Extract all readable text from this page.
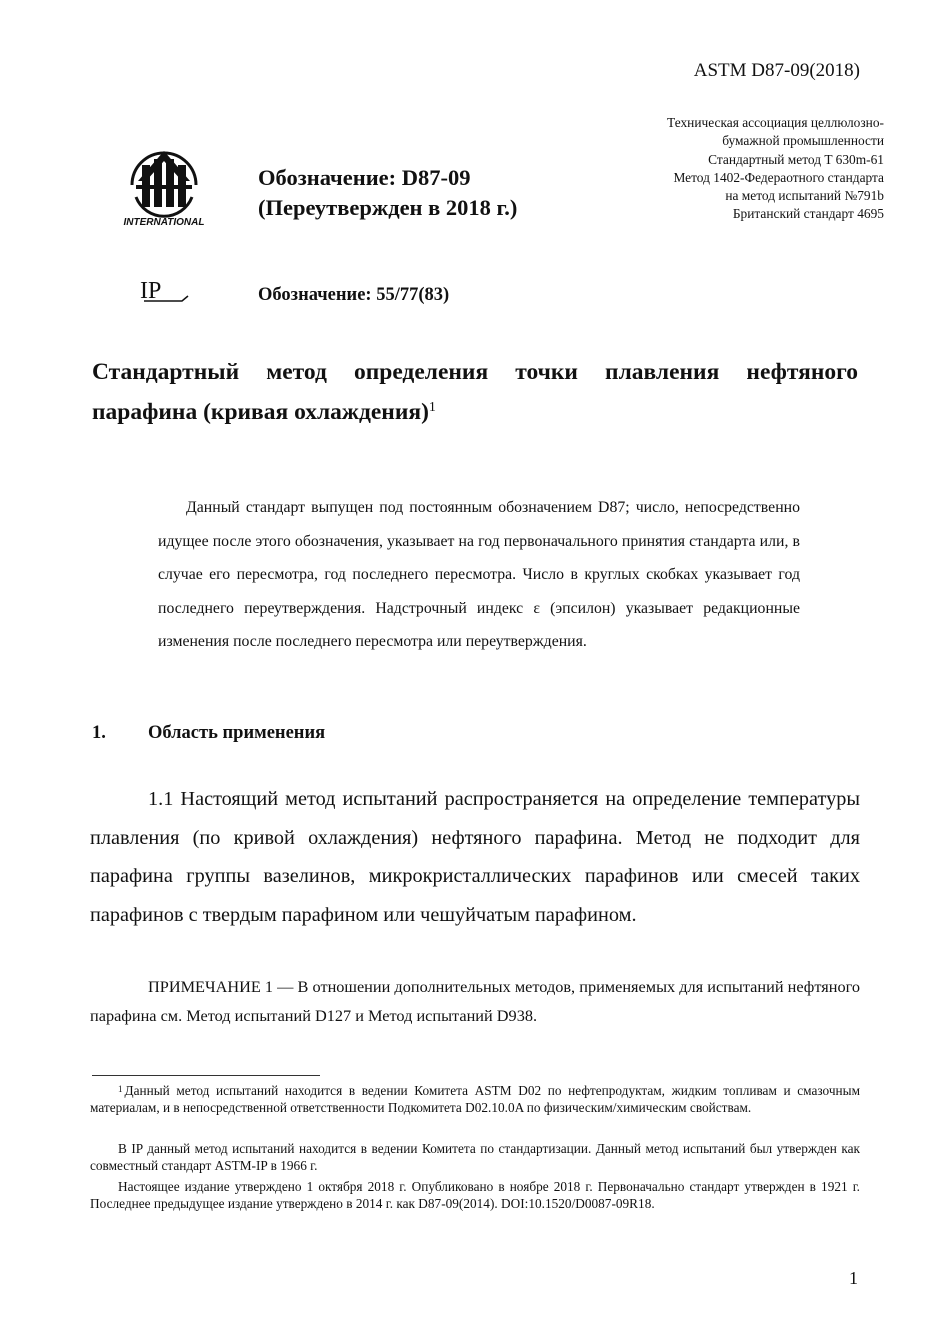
ASTM D87-09(2018)
Техническая ассоциация целлюлозно-
бумажной промышленности
Стандартный метод T 630m-61
Метод 1402-Федераотного стандарта
на метод испытаний №791b
Британский стандарт 4695
INTERNATIONAL
Обозначение: D87-09
(Переутвержден в 2018 г.)
IP	Обозначение: 55/77(83)
Стандартный метод определения точки плавления нефтяного парафина (кривая охлаждения)$^1$
Данный стандарт выпущен под постоянным обозначением D87; число, непосредственно идущее после этого обозначения, указывает на год первоначального принятия стандарта или, в случае его пересмотра, год последнего пересмотра. Число в круглых скобках указывает год последнего переутверждения. Надстрочный индекс ε (эпсилон) указывает редакционные изменения после последнего пересмотра или переутверждения.
1. Область применения
1.1 Настоящий метод испытаний распространяется на определение температуры плавления (по кривой охлаждения) нефтяного парафина. Метод не подходит для парафина группы вазелинов, микрокристаллических парафинов или смесей таких парафинов с твердым парафином или чешуйчатым парафином.
ПРИМЕЧАНИЕ 1 — В отношении дополнительных методов, применяемых для испытаний нефтяного парафина см. Метод испытаний D127 и Метод испытаний D938.
$^1$ Данный метод испытаний находится в ведении Комитета ASTM D02 по нефтепродуктам, жидким топливам и смазочным материалам, и в непосредственной ответственности Подкомитета D02.10.0A по физическим/химическим свойствам.
В IP данный метод испытаний находится в ведении Комитета по стандартизации. Данный метод испытаний был утвержден как совместный стандарт ASTM-IP в 1966 г.
Настоящее издание утверждено 1 октября 2018 г. Опубликовано в ноябре 2018 г. Первоначально стандарт утвержден в 1921 г. Последнее предыдущее издание утверждено в 2014 г. как D87-09(2014). DOI:10.1520/D0087-09R18.
1
